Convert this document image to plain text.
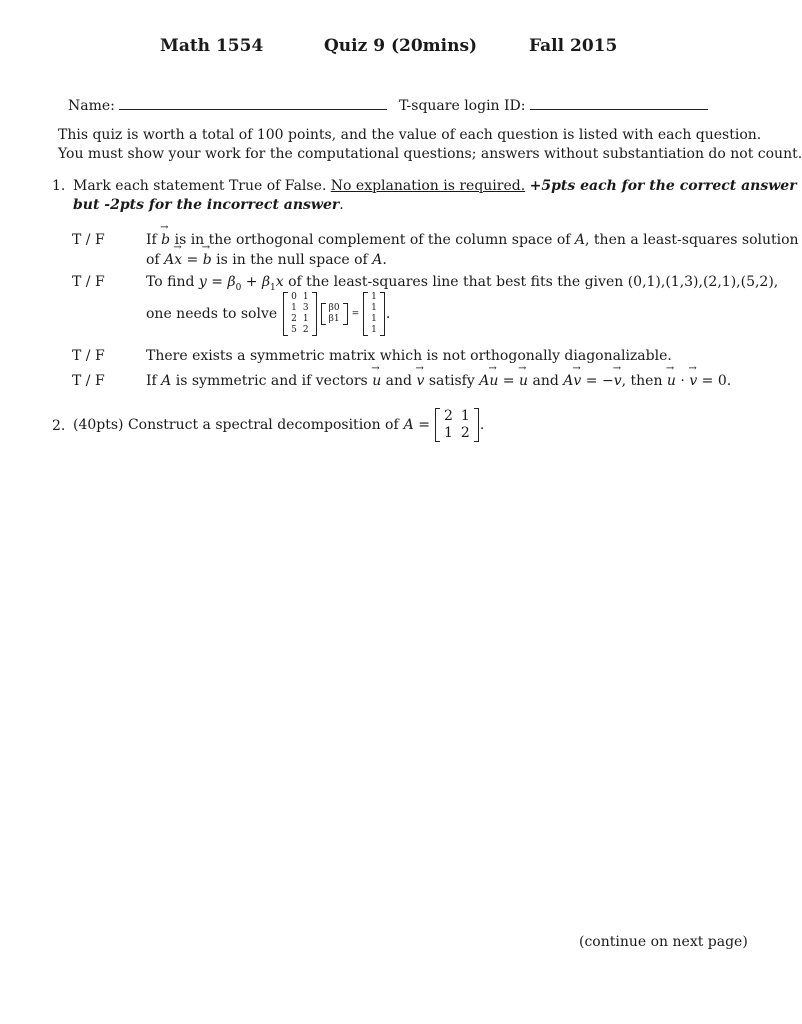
Math 1554	Quiz 9 (20mins)	Fall 2015
Name:	T-square login ID:
This quiz is worth a total of 100 points, and the value of each question is listed with each question.
You must show your work for the computational questions; answers without substantiation do not count.
1. Mark each statement True of False. No explanation is required. +5pts each for the correct answer
but -2pts for the incorrect answer.
T / F	If → b is in the orthogonal complement of the column space of A, then a least-squares solution
of A→ x = → b is in the null space of A.
T / F	To find $y = \beta_0 + \beta_1x$ of the least-squares line that best fits the given (0,1),(1,3),(2,1),(5,2),
one needs to solve
0	1
1	3
2	1
5	2
β0
β1 =
1
1
1
1
.
T / F	There exists a symmetric matrix which is not orthogonally diagonalizable.
T / F	If A is symmetric and if vectors → u and → v satisfy A→ u = → u and A→ v = −→ v, then → u · → v = 0.
2. (40pts) Construct a spectral decomposition of A =
2	1
1	2 .
(continue on next page)
